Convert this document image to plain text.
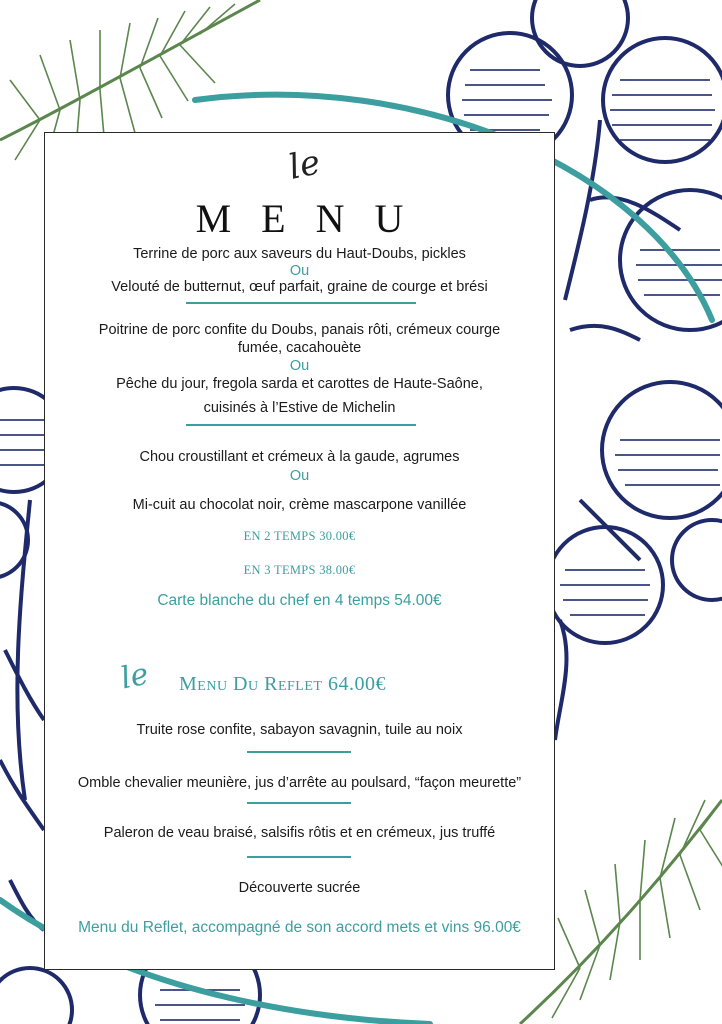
le
MENU
Terrine de porc aux saveurs du Haut-Doubs, pickles
Ou
Velouté de butternut, œuf parfait, graine de courge et brési
Poitrine de porc confite du Doubs, panais rôti, crémeux courge
fumée, cacahouète
Ou
Pêche du jour, fregola sarda et carottes de Haute-Saône,
cuisinés à l’Estive de Michelin
Chou croustillant et crémeux à la gaude, agrumes
Ou
Mi-cuit au chocolat noir, crème mascarpone vanillée
EN 2 TEMPS 30.00€
EN 3 TEMPS 38.00€
Carte blanche du chef en 4 temps 54.00€
le Menu Du Reflet 64.00€
Truite rose confite, sabayon savagnin, tuile au noix
Omble chevalier meunière, jus d’arrête au poulsard, “façon meurette”
Paleron de veau braisé, salsifis rôtis et en crémeux, jus truffé
Découverte sucrée
Menu du Reflet, accompagné de son accord mets et vins 96.00€
